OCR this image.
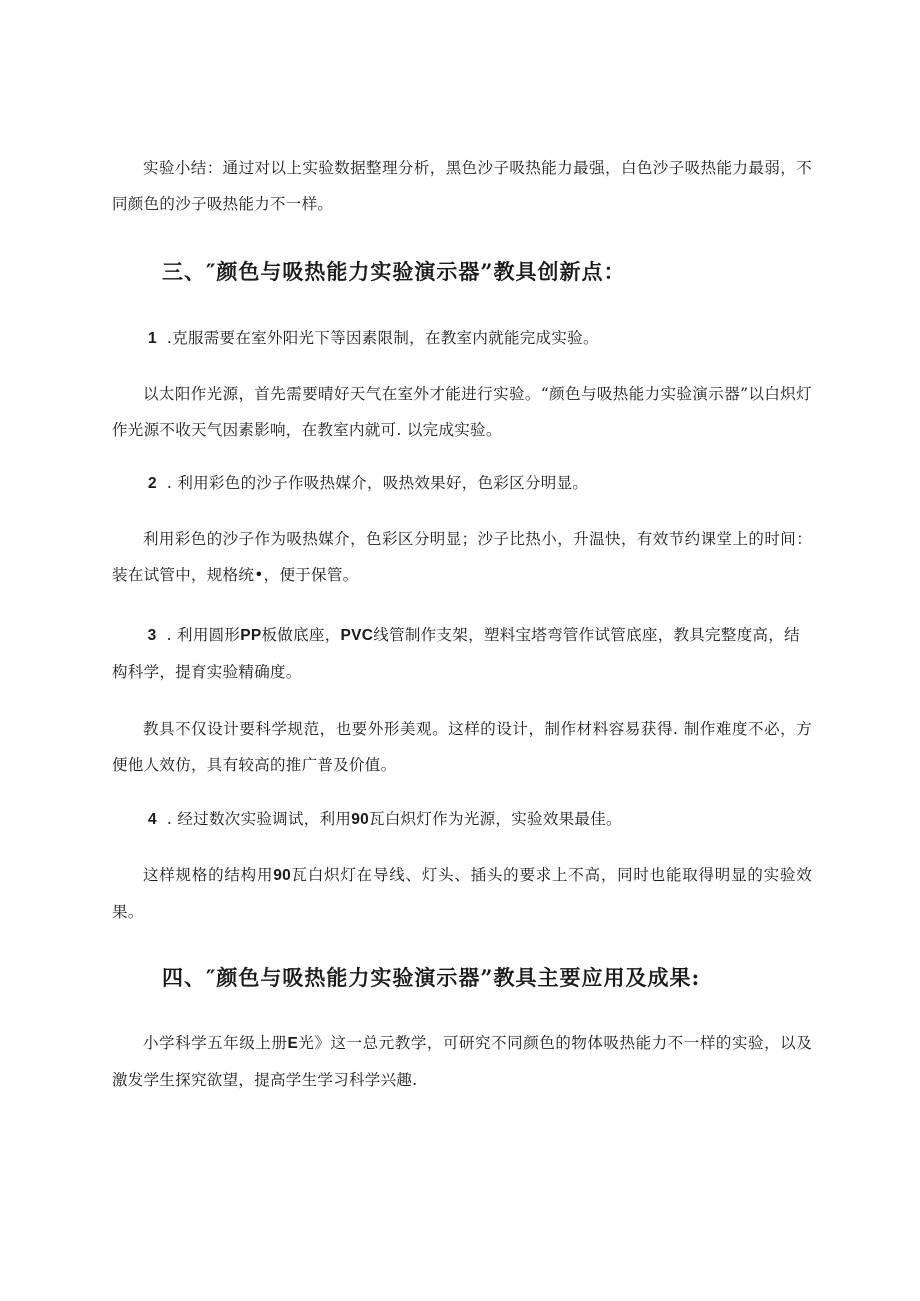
实验小结：通过对以上实验数据整理分析，黑色沙子吸热能力最强，白色沙子吸热能力最弱，不同颜色的沙子吸热能力不一样。

三、″颜色与吸热能力实验演示器”教具创新点：

1 .克服需要在室外阳光下等因素限制，在教室内就能完成实验。

以太阳作光源，首先需要晴好天气在室外才能进行实验。“颜色与吸热能力实验演示器”以白炽灯作光源不收天气因素影响，在教室内就可. 以完成实验。

2 . 利用彩色的沙子作吸热媒介，吸热效果好，色彩区分明显。

利用彩色的沙子作为吸热媒介，色彩区分明显；沙子比热小，升温快，有效节约课堂上的时间：装在试管中，规格统•，便于保管。

3 . 利用圆形PP板做底座，PVC线管制作支架，塑料宝塔弯管作试管底座，教具完整度高，结构科学，提育实验精确度。

教具不仅设计要科学规范，也要外形美观。这样的设计，制作材料容易获得. 制作难度不必，方便他人效仿，具有较高的推广普及价值。

4 . 经过数次实验调试，利用90瓦白炽灯作为光源，实验效果最佳。

这样规格的结构用90瓦白炽灯在导线、灯头、插头的要求上不高，同时也能取得明显的实验效果。

四、″颜色与吸热能力实验演示器”教具主要应用及成果:

小学科学五年级上册E光》这一总元教学，可研究不同颜色的物体吸热能力不一样的实验，以及激发学生探究欲望，提高学生学习科学兴趣.
